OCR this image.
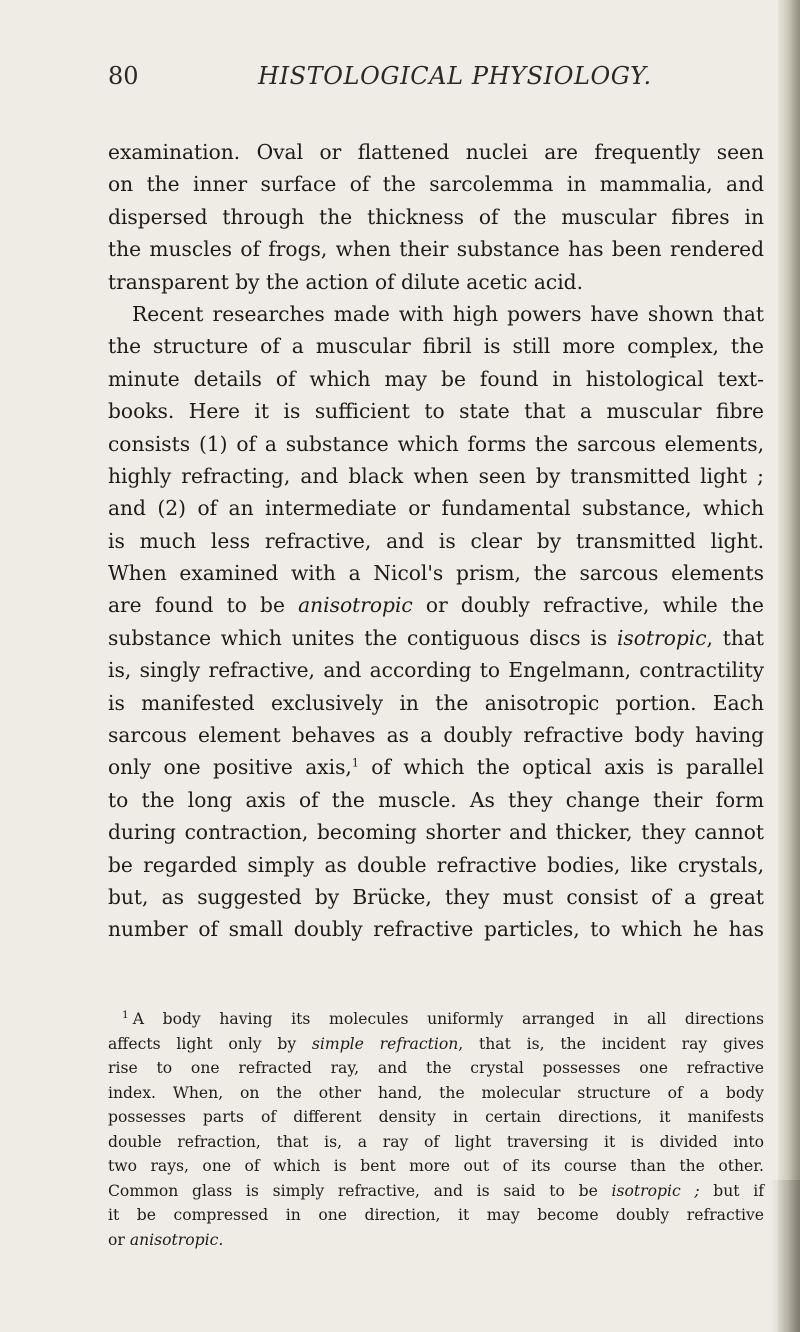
80	HISTOLOGICAL PHYSIOLOGY.
examination. Oval or flattened nuclei are frequently seen
on the inner surface of the sarcolemma in mammalia, and
dispersed through the thickness of the muscular fibres in
the muscles of frogs, when their substance has been rendered
transparent by the action of dilute acetic acid.
Recent researches made with high powers have shown that
the structure of a muscular fibril is still more complex, the
minute details of which may be found in histological text-
books. Here it is sufficient to state that a muscular fibre
consists (1) of a substance which forms the sarcous elements,
highly refracting, and black when seen by transmitted light ;
and (2) of an intermediate or fundamental substance, which
is much less refractive, and is clear by transmitted light.
When examined with a Nicol's prism, the sarcous elements
are found to be anisotropic or doubly refractive, while the
substance which unites the contiguous discs is isotropic, that
is, singly refractive, and according to Engelmann, contractility
is manifested exclusively in the anisotropic portion. Each
sarcous element behaves as a doubly refractive body having
only one positive axis,$^1$ of which the optical axis is parallel
to the long axis of the muscle. As they change their form
during contraction, becoming shorter and thicker, they cannot
be regarded simply as double refractive bodies, like crystals,
but, as suggested by Brücke, they must consist of a great
number of small doubly refractive particles, to which he has
$^1$ A body having its molecules uniformly arranged in all directions
affects light only by simple refraction, that is, the incident ray gives
rise to one refracted ray, and the crystal possesses one refractive
index. When, on the other hand, the molecular structure of a body
possesses parts of different density in certain directions, it manifests
double refraction, that is, a ray of light traversing it is divided into
two rays, one of which is bent more out of its course than the other.
Common glass is simply refractive, and is said to be isotropic ; but if
it be compressed in one direction, it may become doubly refractive
or anisotropic.
